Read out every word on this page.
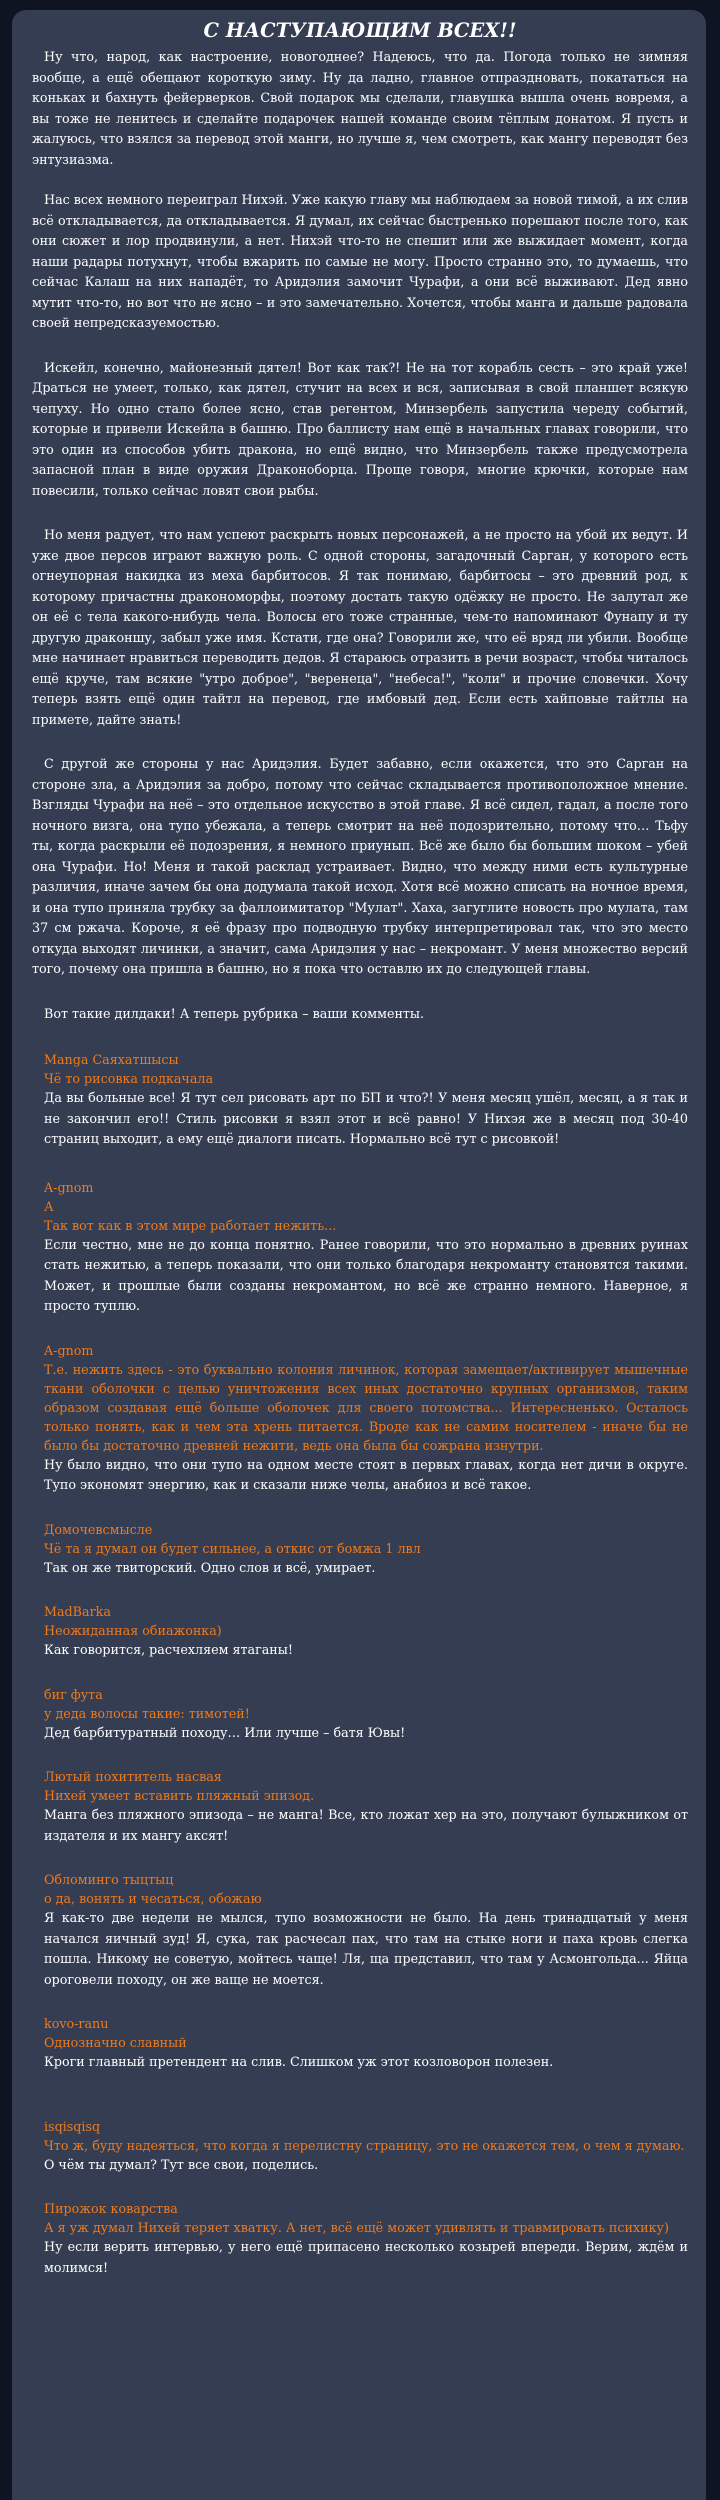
С НАСТУПАЮЩИМ ВСЕХ!!

Ну что, народ, как настроение, новогоднее? Надеюсь, что да. Погода только не зимняя вообще, а ещё обещают короткую зиму. Ну да ладно, главное отпраздновать, покататься на коньках и бахнуть фейерверков. Свой подарок мы сделали, главушка вышла очень вовремя, а вы тоже не ленитесь и сделайте подарочек нашей команде своим тёплым донатом. Я пусть и жалуюсь, что взялся за перевод этой манги, но лучше я, чем смотреть, как мангу переводят без энтузиазма.

Нас всех немного переиграл Нихэй. Уже какую главу мы наблюдаем за новой тимой, а их слив всё откладывается, да откладывается. Я думал, их сейчас быстренько порешают после того, как они сюжет и лор продвинули, а нет. Нихэй что-то не спешит или же выжидает момент, когда наши радары потухнут, чтобы вжарить по самые не могу. Просто странно это, то думаешь, что сейчас Калаш на них нападёт, то Аридэлия замочит Чурафи, а они всё выживают. Дед явно мутит что-то, но вот что не ясно – и это замечательно. Хочется, чтобы манга и дальше радовала своей непредсказуемостью.

Искейл, конечно, майонезный дятел! Вот как так?! Не на тот корабль сесть – это край уже! Драться не умеет, только, как дятел, стучит на всех и вся, записывая в свой планшет всякую чепуху. Но одно стало более ясно, став регентом, Минзербель запустила череду событий, которые и привели Искейла в башню. Про баллисту нам ещё в начальных главах говорили, что это один из способов убить дракона, но ещё видно, что Минзербель также предусмотрела запасной план в виде оружия Драконоборца. Проще говоря, многие крючки, которые нам повесили, только сейчас ловят свои рыбы.

Но меня радует, что нам успеют раскрыть новых персонажей, а не просто на убой их ведут. И уже двое персов играют важную роль. С одной стороны, загадочный Сарган, у которого есть огнеупорная накидка из меха барбитосов. Я так понимаю, барбитосы – это древний род, к которому причастны дракономорфы, поэтому достать такую одёжку не просто. Не залутал же он её с тела какого-нибудь чела. Волосы его тоже странные, чем-то напоминают Фунапу и ту другую драконшу, забыл уже имя. Кстати, где она? Говорили же, что её вряд ли убили. Вообще мне начинает нравиться переводить дедов. Я стараюсь отразить в речи возраст, чтобы читалось ещё круче, там всякие "утро доброе", "веренеца", "небеса!", "коли" и прочие словечки. Хочу теперь взять ещё один тайтл на перевод, где имбовый дед. Если есть хайповые тайтлы на примете, дайте знать!

С другой же стороны у нас Аридэлия. Будет забавно, если окажется, что это Сарган на стороне зла, а Аридэлия за добро, потому что сейчас складывается противоположное мнение. Взгляды Чурафи на неё – это отдельное искусство в этой главе. Я всё сидел, гадал, а после того ночного визга, она тупо убежала, а теперь смотрит на неё подозрительно, потому что… Тьфу ты, когда раскрыли её подозрения, я немного приунып. Всё же было бы большим шоком – убей она Чурафи. Но! Меня и такой расклад устраивает. Видно, что между ними есть культурные различия, иначе зачем бы она додумала такой исход. Хотя всё можно списать на ночное время, и она тупо приняла трубку за фаллоимитатор "Мулат". Хаха, загуглите новость про мулата, там 37 см ржача. Короче, я её фразу про подводную трубку интерпретировал так, что это место откуда выходят личинки, а значит, сама Аридэлия у нас – некромант. У меня множество версий того, почему она пришла в башню, но я пока что оставлю их до следующей главы.

Вот такие дилдаки! А теперь рубрика – ваши комменты.

Manga Саяхатшысы

Чё то рисовка подкачала

Да вы больные все! Я тут сел рисовать арт по БП и что?! У меня месяц ушёл, месяц, а я так и не закончил его!! Стиль рисовки я взял этот и всё равно! У Нихэя же в месяц под 30-40 страниц выходит, а ему ещё диалоги писать. Нормально всё тут с рисовкой!

A-gnom

А

Так вот как в этом мире работает нежить...

Если честно, мне не до конца понятно. Ранее говорили, что это нормально в древних руинах стать нежитью, а теперь показали, что они только благодаря некроманту становятся такими. Может, и прошлые были созданы некромантом, но всё же странно немного. Наверное, я просто туплю.

A-gnom

Т.е. нежить здесь - это буквально колония личинок, которая замещает/активирует мышечные ткани оболочки с целью уничтожения всех иных достаточно крупных организмов, таким образом создавая ещё больше оболочек для своего потомства... Интересненько. Осталось только понять, как и чем эта хрень питается. Вроде как не самим носителем - иначе бы не было бы достаточно древней нежити, ведь она была бы сожрана изнутри.

Ну было видно, что они тупо на одном месте стоят в первых главах, когда нет дичи в округе. Тупо экономят энергию, как и сказали ниже челы, анабиоз и всё такое.

Домочевсмысле

Чё та я думал он будет сильнее, а откис от бомжа 1 лвл

Так он же твиторский. Одно слов и всё, умирает.

MadBarka

Неожиданная обиажонка)

Как говорится, расчехляем ятаганы!

биг фута

у деда волосы такие: тимотей!

Дед барбитуратный походу… Или лучше – батя Ювы!

Лютый похититель насвая

Нихей умеет вставить пляжный эпизод.

Манга без пляжного эпизода – не манга! Все, кто ложат хер на это, получают булыжником от издателя и их мангу аксят!

Обломинго тыцтыц

о да, вонять и чесаться, обожаю

Я как-то две недели не мылся, тупо возможности не было. На день тринадцатый у меня начался яичный зуд! Я, сука, так расчесал пах, что там на стыке ноги и паха кровь слегка пошла. Никому не советую, мойтесь чаще! Ля, ща представил, что там у Асмонгольда... Яйца ороговели походу, он же ваще не моется.

kovo-ranu

Однозначно славный

Кроги главный претендент на слив. Слишком уж этот козловорон полезен.

isqisqisq

Что ж, буду надеяться, что когда я перелистну страницу, это не окажется тем, о чем я думаю.

О чём ты думал? Тут все свои, поделись.

Пирожок коварства

А я уж думал Нихей теряет хватку. А нет, всё ещё может удивлять и травмировать психику)

Ну если верить интервью, у него ещё припасено несколько козырей впереди. Верим, ждём и молимся!
